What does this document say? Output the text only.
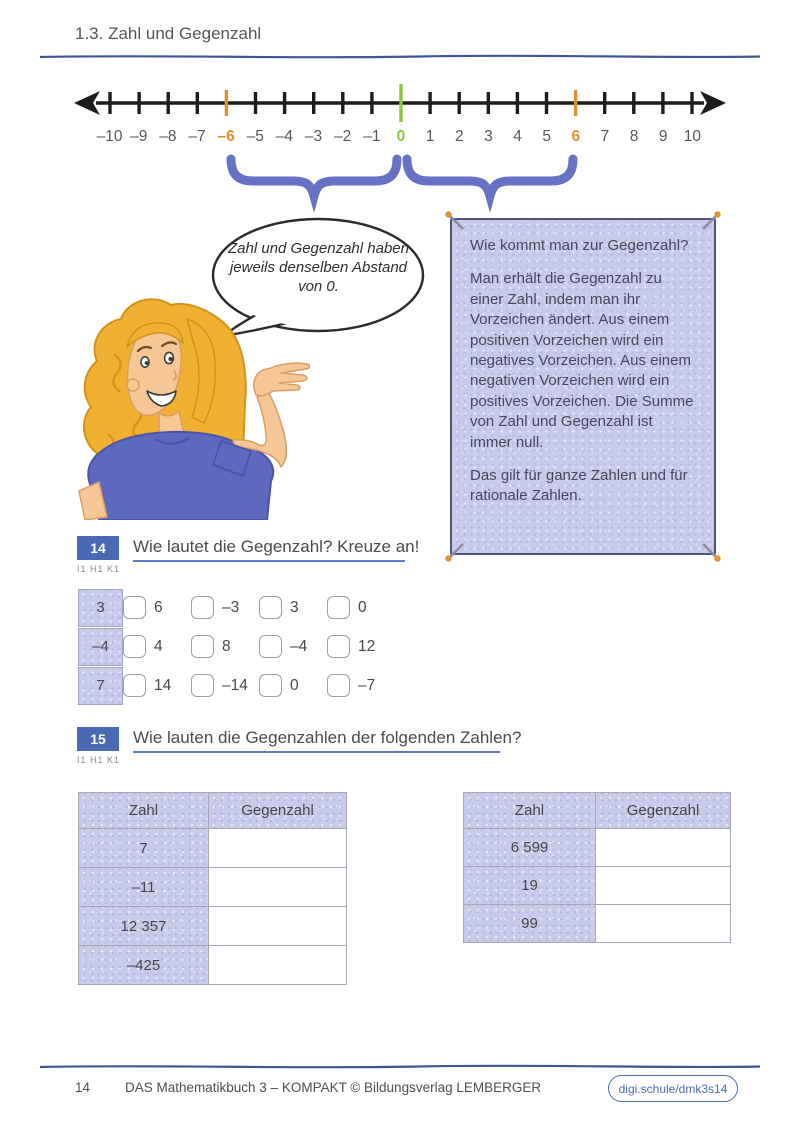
1.3. Zahl und Gegenzahl
–10 –9 –8 –7 –6 –5 –4 –3 –2 –1	0	1	2	3	4	5	6	7	8	9	10
Zahl und Gegenzahl haben jeweils denselben Abstand von 0.

Wie kommt man zur Gegenzahl?

Man erhält die Gegenzahl zu einer Zahl, indem man ihr Vorzeichen ändert. Aus einem positiven Vorzeichen wird ein negatives Vorzeichen. Aus einem negativen Vorzeichen wird ein positives Vorzeichen. Die Summe von Zahl und Gegenzahl ist immer null.

Das gilt für ganze Zahlen und für rationale Zahlen.

14
I1 H1 K1
Wie lautet die Gegenzahl? Kreuze an!
3	6	–3	3	0
–4	4	8	–4	12
7	14	–14	0	–7
15
I1 H1 K1
Wie lauten die Gegenzahlen der folgenden Zahlen?
Zahl	Gegenzahl
7	
–11	
12 357	
–425	
Zahl	Gegenzahl
6 599	
19	
99	
14	DAS Mathematikbuch 3 – KOMPAKT © Bildungsverlag LEMBERGER	digi.schule/dmk3s14
